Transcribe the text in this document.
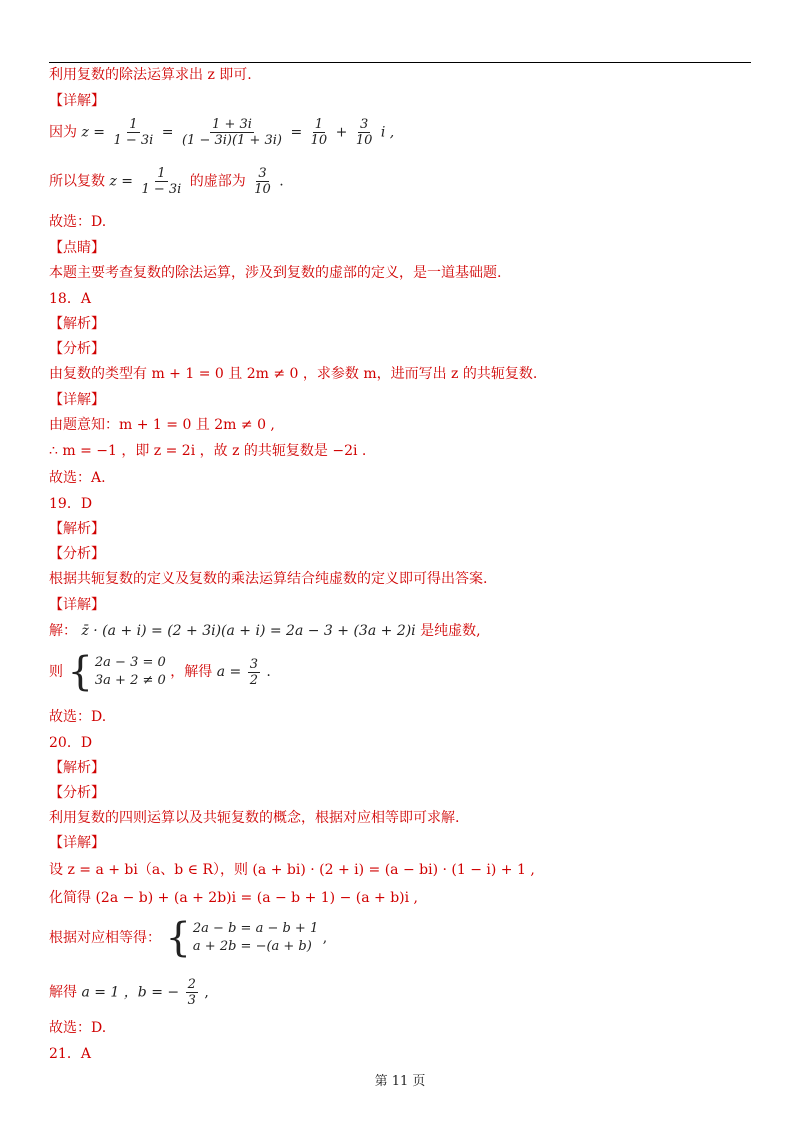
利用复数的除法运算求出 z 即可.
【详解】
因为 $z = \frac{1}{1 - 3i} = \frac{1 + 3i}{(1 - 3i)(1 + 3i)} = \frac{1}{10} + \frac{3}{10}$ i ,
所以复数 $z = \frac{1}{1 - 3i}$ 的虚部为 $\frac{3}{10}$ .
故选：D.
【点睛】
本题主要考查复数的除法运算，涉及到复数的虚部的定义，是一道基础题.
18．A
【解析】
【分析】
由复数的类型有 m + 1 = 0 且 2m ≠ 0 ，求参数 m，进而写出 z 的共轭复数.
【详解】
由题意知：m + 1 = 0 且 2m ≠ 0 ,
∴ m = −1 ，即 z = 2i ，故 z 的共轭复数是 −2i .
故选：A.
19．D
【解析】
【分析】
根据共轭复数的定义及复数的乘法运算结合纯虚数的定义即可得出答案.
【详解】
解： z̄ · (a + i) = (2 + 3i)(a + i) = 2a − 3 + (3a + 2)i 是纯虚数,
则 { 2a − 3 = 0
3a + 2 ≠ 0
，解得 $a = \frac{3}{2}$ .
故选：D.
20．D
【解析】
【分析】
利用复数的四则运算以及共轭复数的概念，根据对应相等即可求解.
【详解】
设 z = a + bi（a、b ∈ R），则 (a + bi) · (2 + i) = (a − bi) · (1 − i) + 1 ,
化简得 (2a − b) + (a + 2b)i = (a − b + 1) − (a + b)i ,
根据对应相等得： { 2a − b = a − b + 1
a + 2b = −(a + b)
,
解得 a = 1 ，b = − $\frac{2}{3}$ ,
故选：D.
21．A
第 11 页
